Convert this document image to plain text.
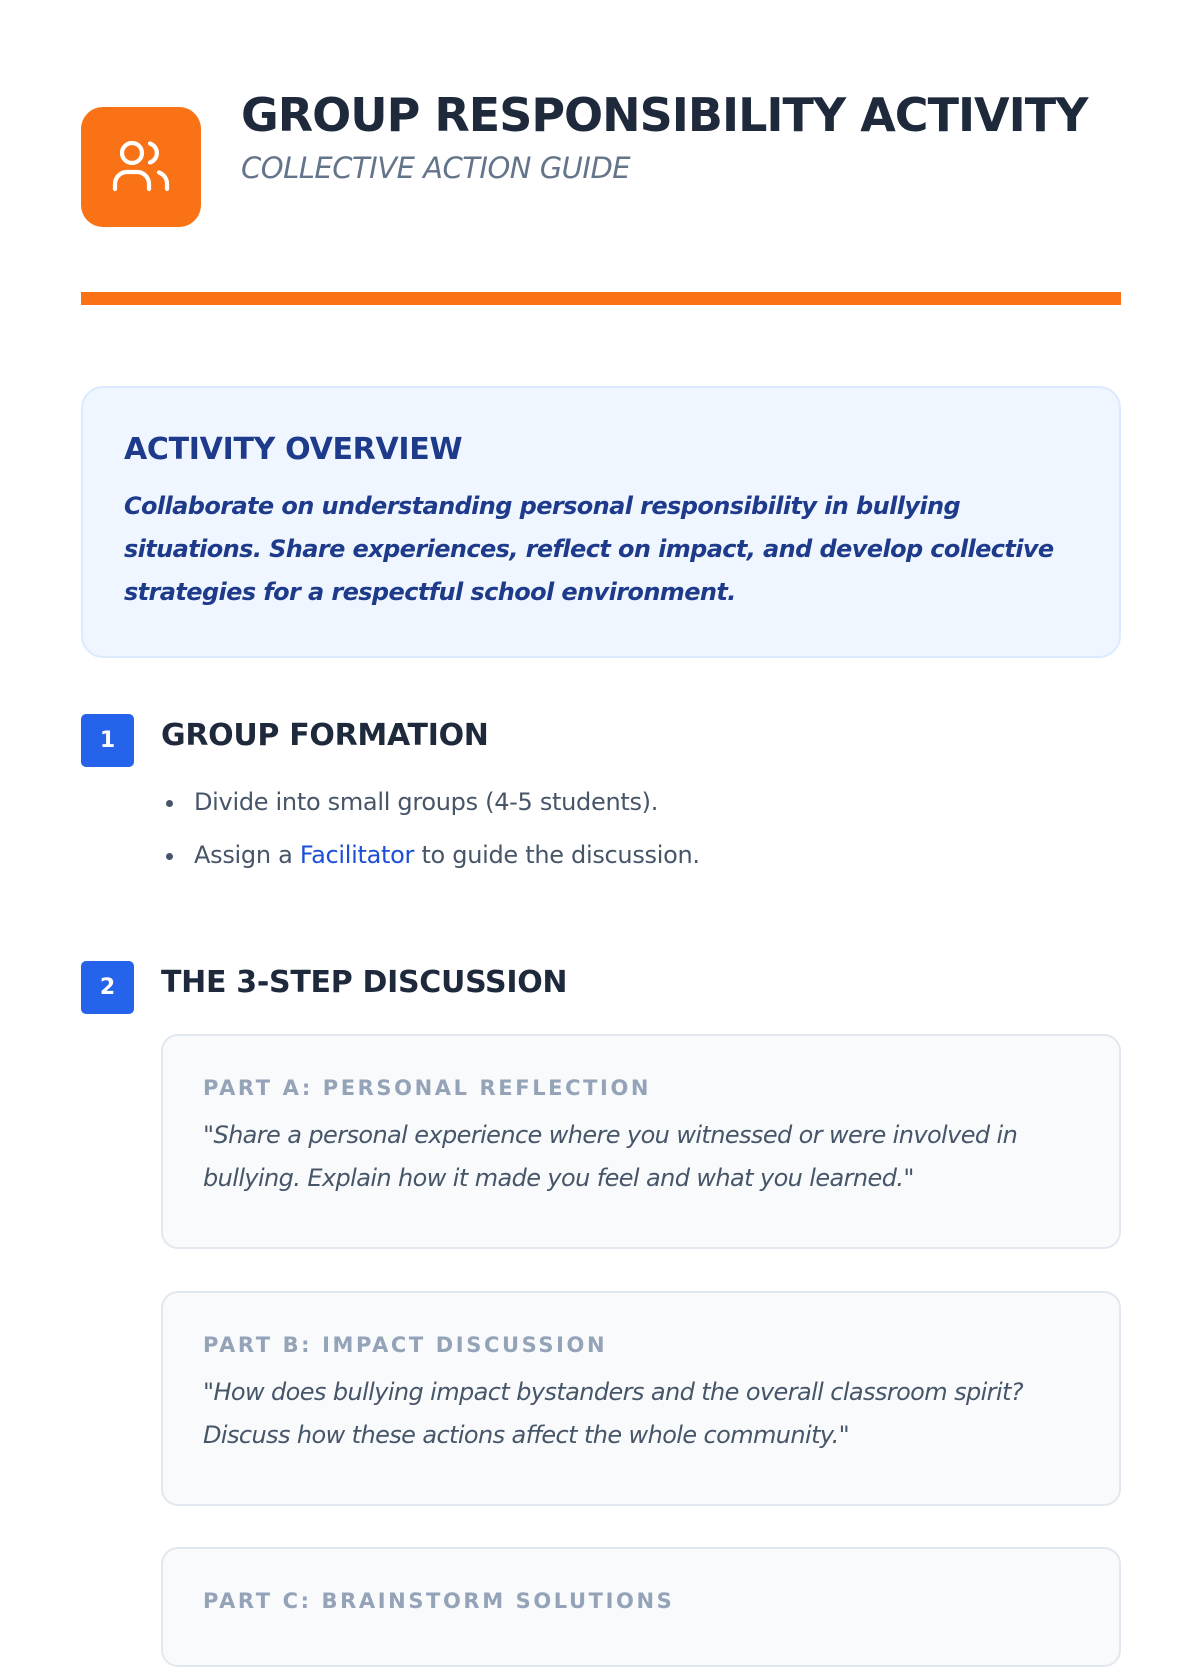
GROUP RESPONSIBILITY ACTIVITY
COLLECTIVE ACTION GUIDE
ACTIVITY OVERVIEW
Collaborate on understanding personal responsibility in bullying situations. Share experiences, reflect on impact, and develop collective strategies for a respectful school environment.
1	GROUP FORMATION
Divide into small groups (4-5 students).
Assign a Facilitator to guide the discussion.
2	THE 3-STEP DISCUSSION
PART A: PERSONAL REFLECTION
"Share a personal experience where you witnessed or were involved in bullying. Explain how it made you feel and what you learned."
PART B: IMPACT DISCUSSION
"How does bullying impact bystanders and the overall classroom spirit? Discuss how these actions affect the whole community."
PART C: BRAINSTORM SOLUTIONS
